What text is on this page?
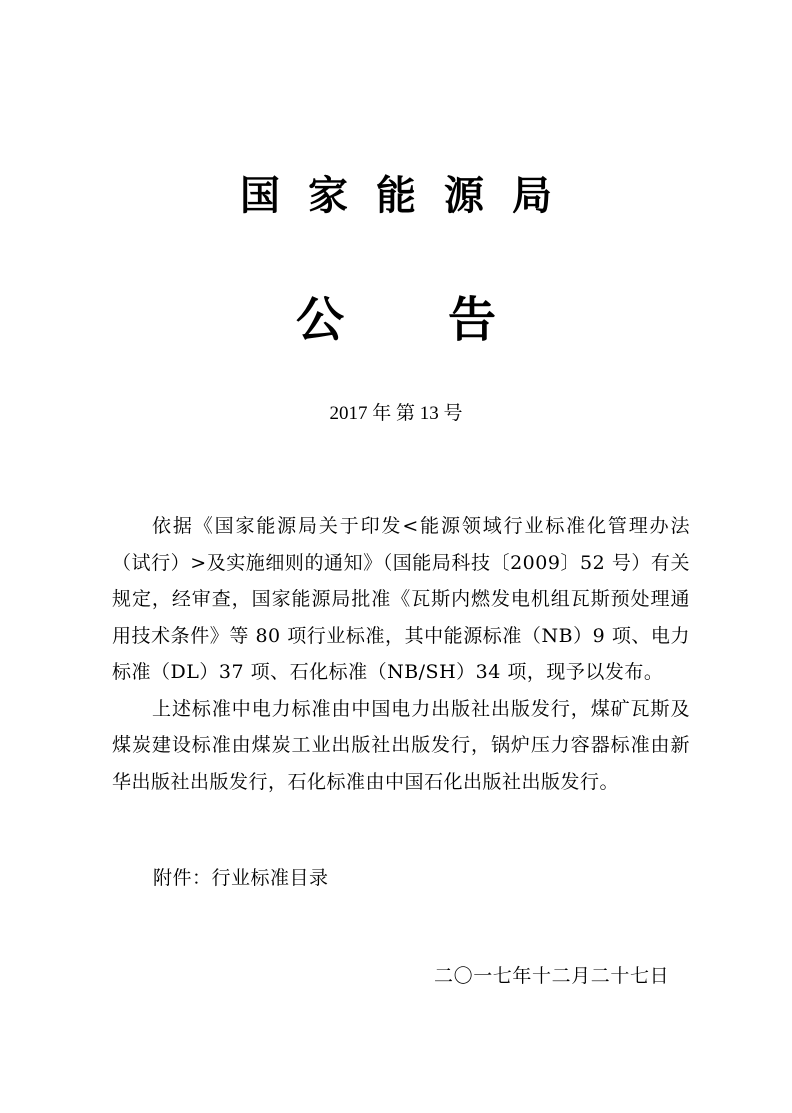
国家能源局
公告
2017 年 第 13 号

依据《国家能源局关于印发<能源领域行业标准化管理办法（试行）>及实施细则的通知》（国能局科技〔2009〕52 号）有关规定，经审查，国家能源局批准《瓦斯内燃发电机组瓦斯预处理通用技术条件》等 80 项行业标准，其中能源标准（NB）9 项、电力标准（DL）37 项、石化标准（NB/SH）34 项，现予以发布。

上述标准中电力标准由中国电力出版社出版发行，煤矿瓦斯及煤炭建设标准由煤炭工业出版社出版发行，锅炉压力容器标准由新华出版社出版发行，石化标准由中国石化出版社出版发行。

附件：行业标准目录
二〇一七年十二月二十七日
